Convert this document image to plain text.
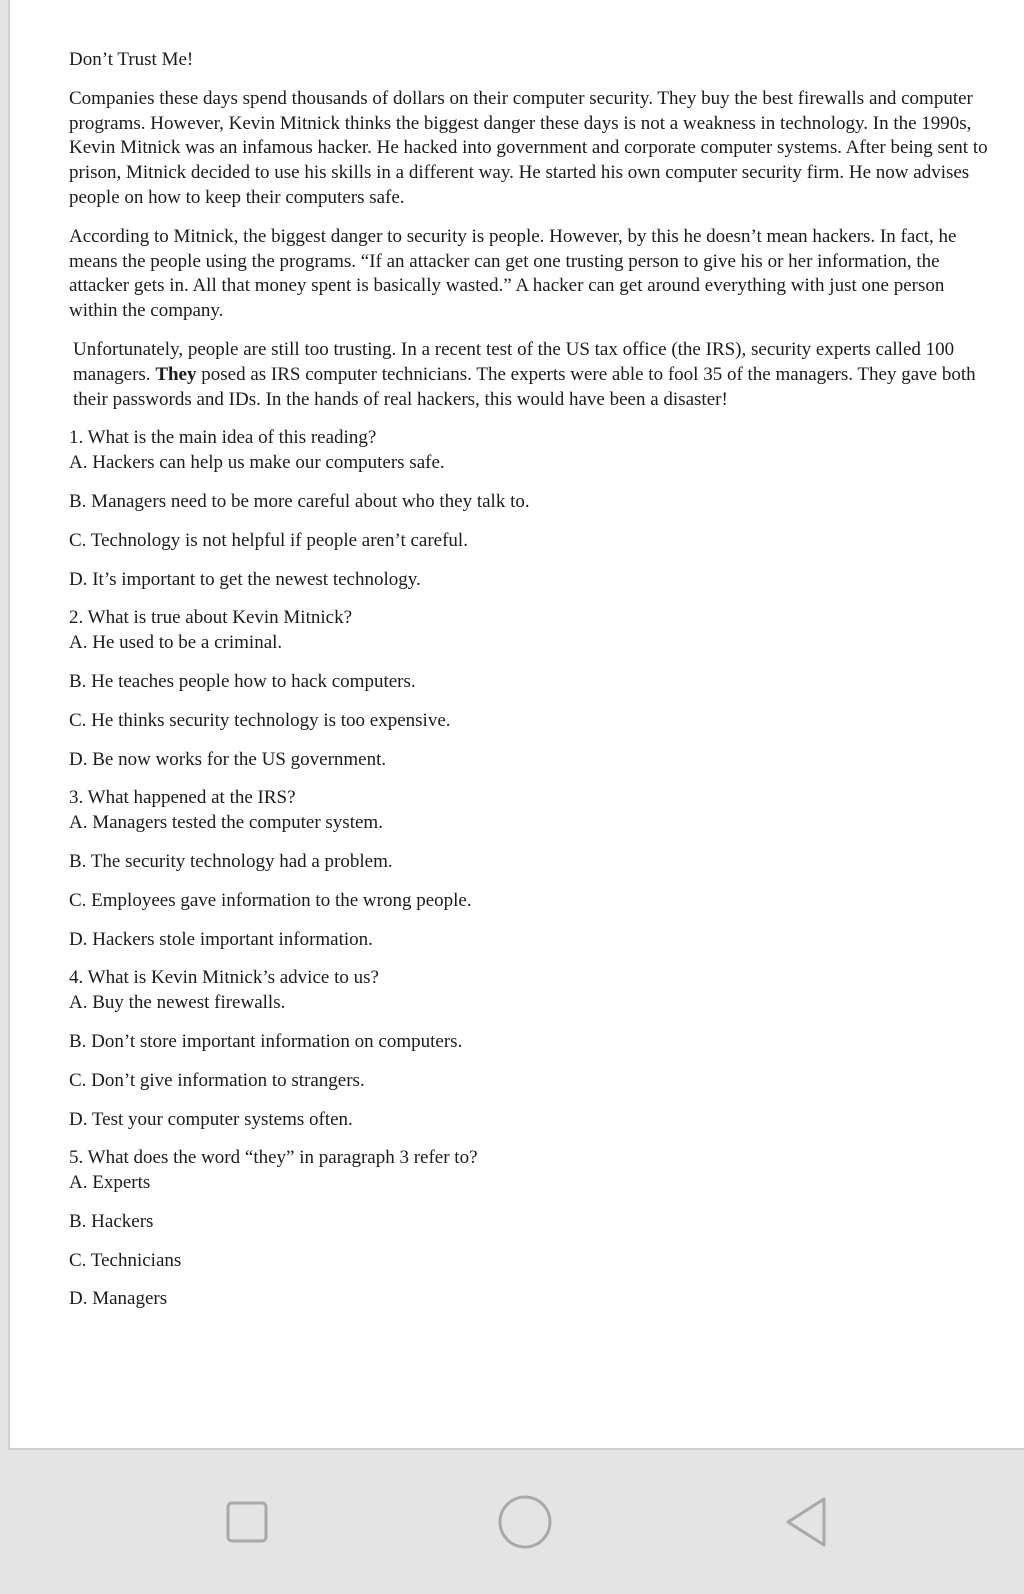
Don’t Trust Me!

Companies these days spend thousands of dollars on their computer security. They buy the best firewalls and computer programs. However, Kevin Mitnick thinks the biggest danger these days is not a weakness in technology. In the 1990s, Kevin Mitnick was an infamous hacker. He hacked into government and corporate computer systems. After being sent to prison, Mitnick decided to use his skills in a different way. He started his own computer security firm. He now advises people on how to keep their computers safe.

According to Mitnick, the biggest danger to security is people. However, by this he doesn’t mean hackers. In fact, he means the people using the programs. “If an attacker can get one trusting person to give his or her information, the attacker gets in. All that money spent is basically wasted.” A hacker can get around everything with just one person within the company.

Unfortunately, people are still too trusting. In a recent test of the US tax office (the IRS), security experts called 100 managers. They posed as IRS computer technicians. The experts were able to fool 35 of the managers. They gave both their passwords and IDs. In the hands of real hackers, this would have been a disaster!

1. What is the main idea of this reading?

A. Hackers can help us make our computers safe.

B. Managers need to be more careful about who they talk to.

C. Technology is not helpful if people aren’t careful.

D. It’s important to get the newest technology.

2. What is true about Kevin Mitnick?

A. He used to be a criminal.

B. He teaches people how to hack computers.

C. He thinks security technology is too expensive.

D. Be now works for the US government.

3. What happened at the IRS?

A. Managers tested the computer system.

B. The security technology had a problem.

C. Employees gave information to the wrong people.

D. Hackers stole important information.

4. What is Kevin Mitnick’s advice to us?

A. Buy the newest firewalls.

B. Don’t store important information on computers.

C. Don’t give information to strangers.

D. Test your computer systems often.

5. What does the word “they” in paragraph 3 refer to?

A. Experts

B. Hackers

C. Technicians

D. Managers
